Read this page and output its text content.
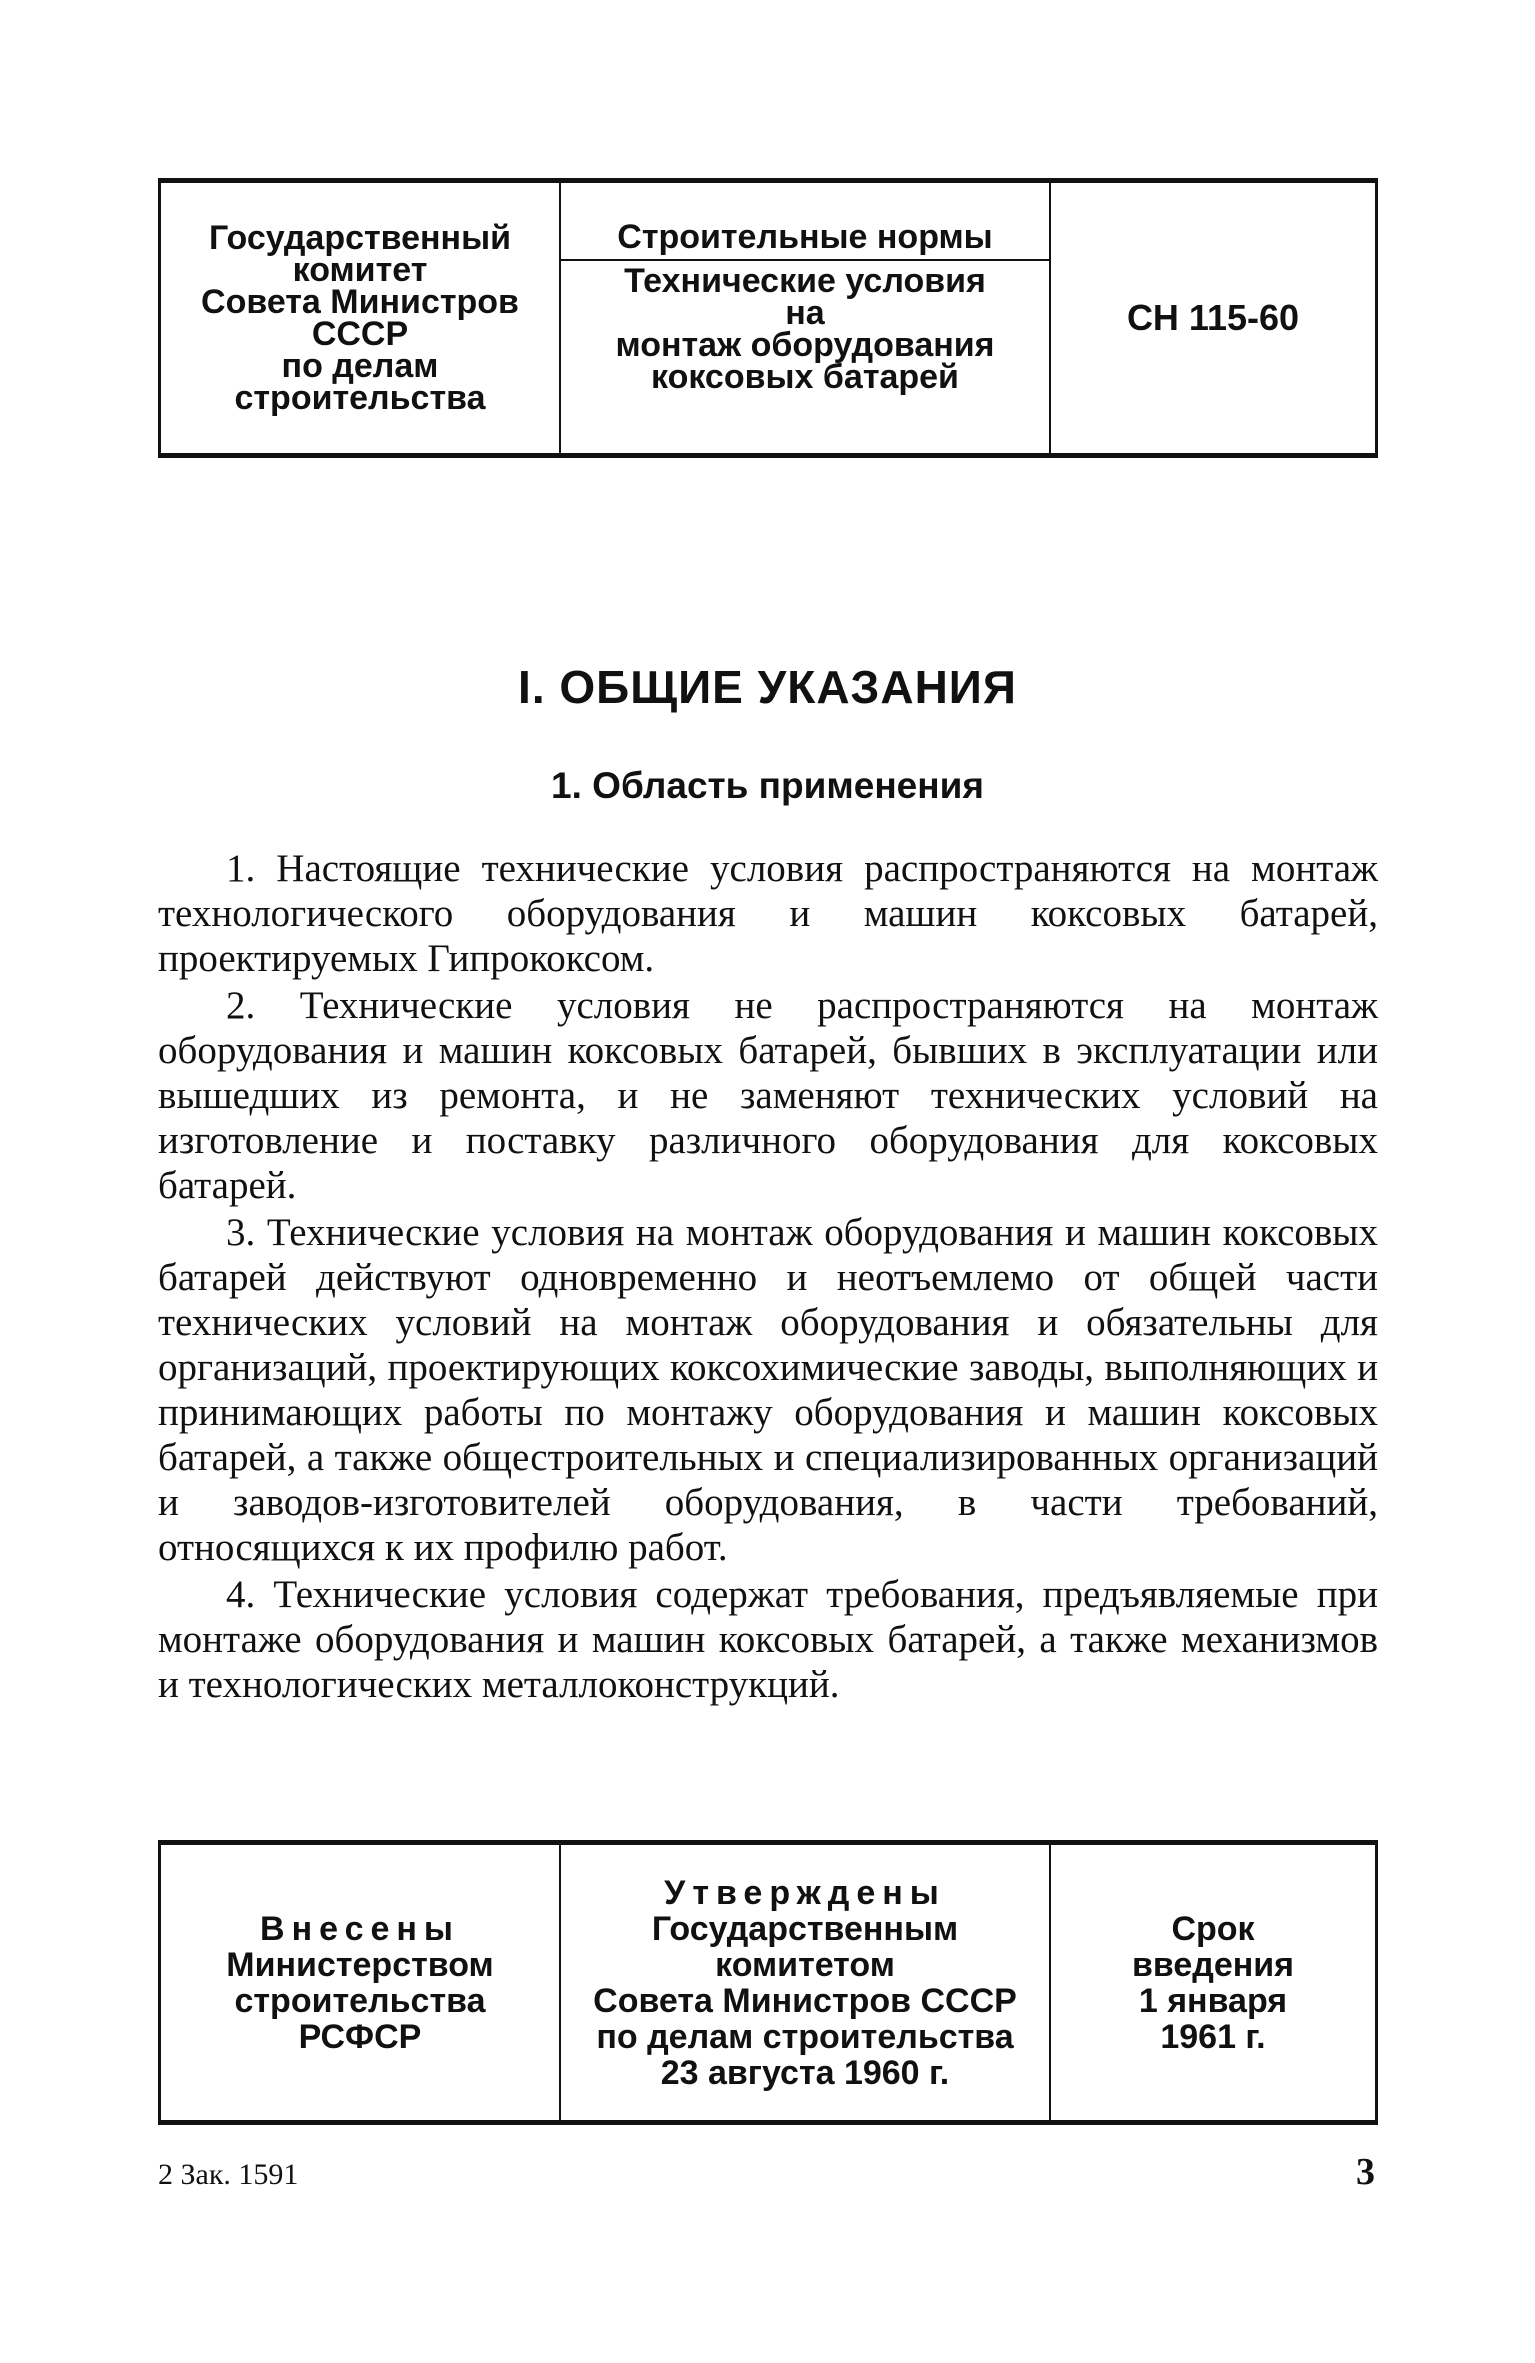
Государственный
комитет
Совета Министров
СССР
по делам
строительства
Строительные нормы
Технические условия
на
монтаж оборудования
коксовых батарей
СН 115-60
I. ОБЩИЕ УКАЗАНИЯ
1. Область применения

1. Настоящие технические условия распространяются на монтаж технологического оборудования и машин коксовых батарей, проектируемых Гипрококсом.

2. Технические условия не распространяются на монтаж оборудования и машин коксовых батарей, бывших в эксплуатации или вышедших из ремонта, и не заменяют технических условий на изготовление и поставку различного оборудования для коксовых батарей.

3. Технические условия на монтаж оборудования и машин коксовых батарей действуют одновременно и неотъемлемо от общей части технических условий на монтаж оборудования и обязательны для организаций, проектирующих коксохимические заводы, выполняющих и принимающих работы по монтажу оборудования и машин коксовых батарей, а также общестроительных и специализированных организаций и заводов-изготовителей оборудования, в части требований, относящихся к их профилю работ.

4. Технические условия содержат требования, предъявляемые при монтаже оборудования и машин коксовых батарей, а также механизмов и технологических металлоконструкций.

Внесены
Министерством
строительства
РСФСР
Утверждены
Государственным
комитетом
Совета Министров СССР
по делам строительства
23 августа 1960 г.
Срок
введения
1 января
1961 г.
2 Зак. 1591	3
